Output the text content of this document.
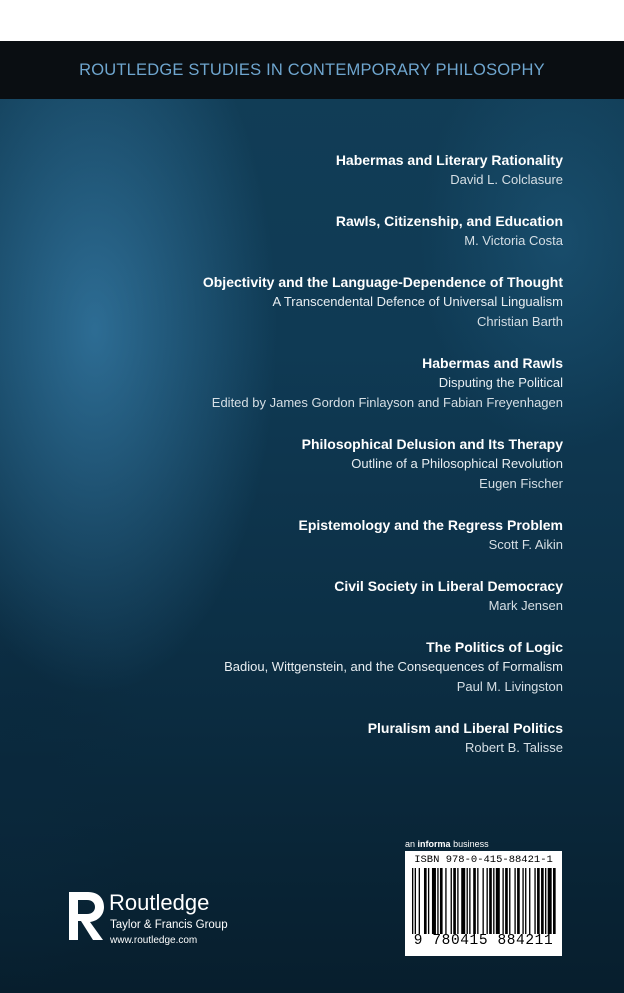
ROUTLEDGE STUDIES IN CONTEMPORARY PHILOSOPHY
Habermas and Literary Rationality
David L. Colclasure
Rawls, Citizenship, and Education
M. Victoria Costa
Objectivity and the Language-Dependence of Thought
A Transcendental Defence of Universal Lingualism
Christian Barth
Habermas and Rawls
Disputing the Political
Edited by James Gordon Finlayson and Fabian Freyenhagen
Philosophical Delusion and Its Therapy
Outline of a Philosophical Revolution
Eugen Fischer
Epistemology and the Regress Problem
Scott F. Aikin
Civil Society in Liberal Democracy
Mark Jensen
The Politics of Logic
Badiou, Wittgenstein, and the Consequences of Formalism
Paul M. Livingston
Pluralism and Liberal Politics
Robert B. Talisse
Routledge
Taylor & Francis Group
www.routledge.com
an informa business
ISBN 978-0-415-88421-1
9 780415 884211
